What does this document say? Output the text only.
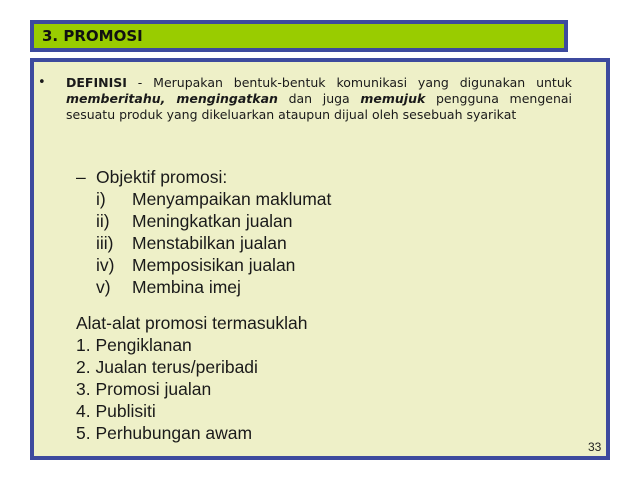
3. PROMOSI
• DEFINISI - Merupakan bentuk-bentuk komunikasi yang digunakan untuk memberitahu, mengingatkan dan juga memujuk pengguna mengenai sesuatu produk yang dikeluarkan ataupun dijual oleh sesebuah syarikat
– Objektif promosi:
i)	Menyampaikan maklumat
ii)	Meningkatkan jualan
iii)	Menstabilkan jualan
iv)	Memposisikan jualan
v)	Membina imej
Alat-alat promosi termasuklah
1. Pengiklanan
2. Jualan terus/peribadi
3. Promosi jualan
4. Publisiti
5. Perhubungan awam
33
